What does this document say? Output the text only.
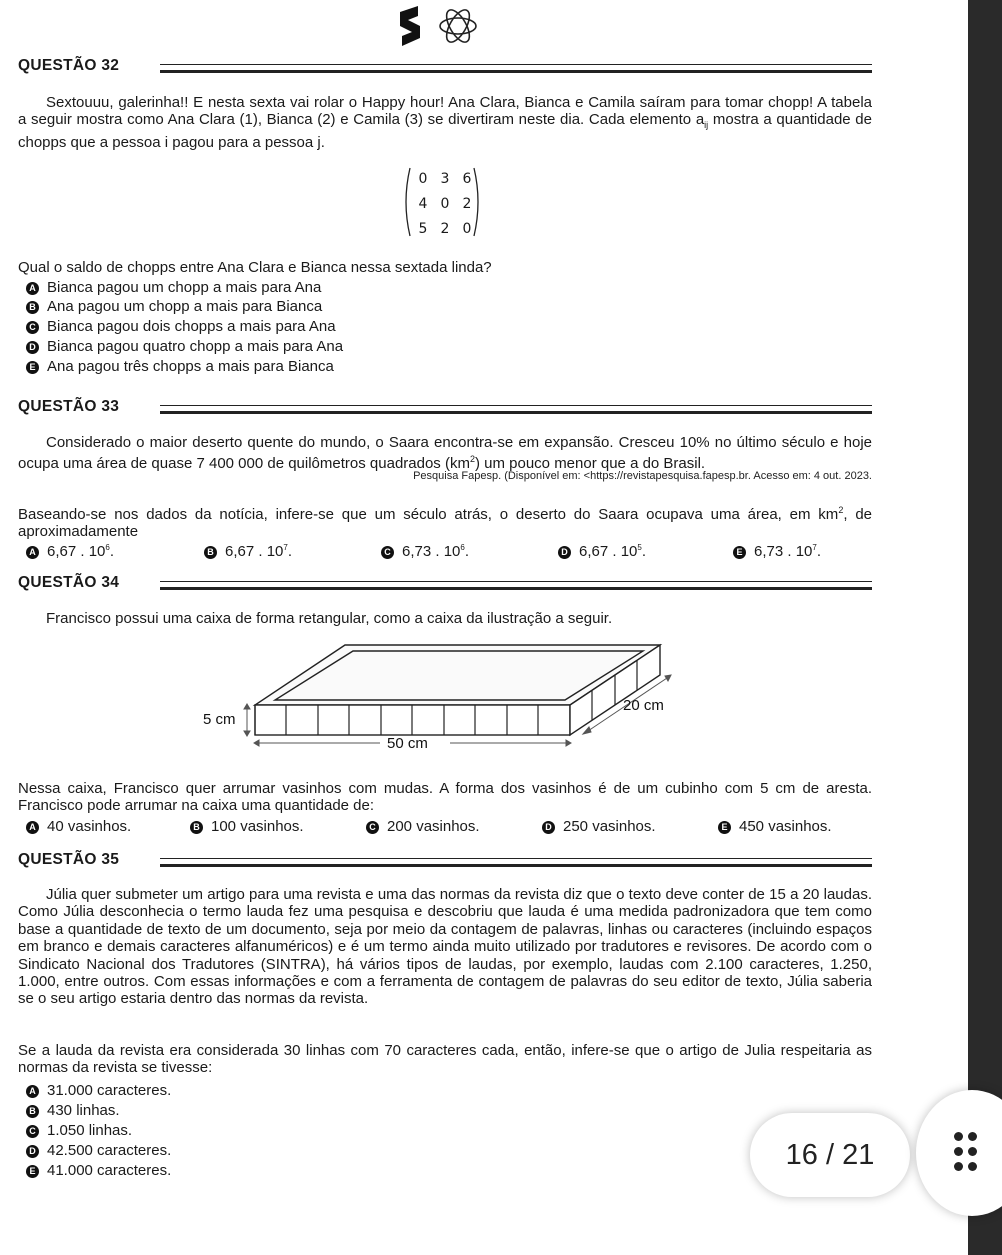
QUESTÃO 32
Sextouuu, galerinha!! E nesta sexta vai rolar o Happy hour! Ana Clara, Bianca e Camila saíram para tomar chopp! A tabela a seguir mostra como Ana Clara (1), Bianca (2) e Camila (3) se divertiram neste dia. Cada elemento $a_{ij}$ mostra a quantidade de chopps que a pessoa i pagou para a pessoa j.
0	3	6
4	0	2
5	2	0
Qual o saldo de chopps entre Ana Clara e Bianca nessa sextada linda?
A Bianca pagou um chopp a mais para Ana
B Ana pagou um chopp a mais para Bianca
C Bianca pagou dois chopps a mais para Ana
D Bianca pagou quatro chopp a mais para Ana
E Ana pagou três chopps a mais para Bianca
QUESTÃO 33
Considerado o maior deserto quente do mundo, o Saara encontra-se em expansão. Cresceu 10% no último século e hoje ocupa uma área de quase 7 400 000 de quilômetros quadrados $(km^2)$ um pouco menor que a do Brasil.
Pesquisa Fapesp. (Disponível em: <https://revistapesquisa.fapesp.br. Acesso em: 4 out. 2023.
Baseando-se nos dados da notícia, infere-se que um século atrás, o deserto do Saara ocupava uma área, em $km^2$, de aproximadamente
A 6,67 . $10^6$.	B 6,67 . $10^7$.	C 6,73 . $10^6$.	D 6,67 . $10^5$.	E 6,73 . $10^7$.
QUESTÃO 34
Francisco possui uma caixa de forma retangular, como a caixa da ilustração a seguir.
5 cm
20 cm
50 cm
Nessa caixa, Francisco quer arrumar vasinhos com mudas. A forma dos vasinhos é de um cubinho com 5 cm de aresta. Francisco pode arrumar na caixa uma quantidade de:
A 40 vasinhos.	B 100 vasinhos.	C 200 vasinhos.	D 250 vasinhos.	E 450 vasinhos.
QUESTÃO 35
Júlia quer submeter um artigo para uma revista e uma das normas da revista diz que o texto deve conter de 15 a 20 laudas. Como Júlia desconhecia o termo lauda fez uma pesquisa e descobriu que lauda é uma medida padronizadora que tem como base a quantidade de texto de um documento, seja por meio da contagem de palavras, linhas ou caracteres (incluindo espaços em branco e demais caracteres alfanuméricos) e é um termo ainda muito utilizado por tradutores e revisores. De acordo com o Sindicato Nacional dos Tradutores (SINTRA), há vários tipos de laudas, por exemplo, laudas com 2.100 caracteres, 1.250, 1.000, entre outros. Com essas informações e com a ferramenta de contagem de palavras do seu editor de texto, Júlia saberia se o seu artigo estaria dentro das normas da revista.
Se a lauda da revista era considerada 30 linhas com 70 caracteres cada, então, infere-se que o artigo de Julia respeitaria as normas da revista se tivesse:
A 31.000 caracteres.
B 430 linhas.
C 1.050 linhas.
D 42.500 caracteres.
E 41.000 caracteres.	16 / 21
